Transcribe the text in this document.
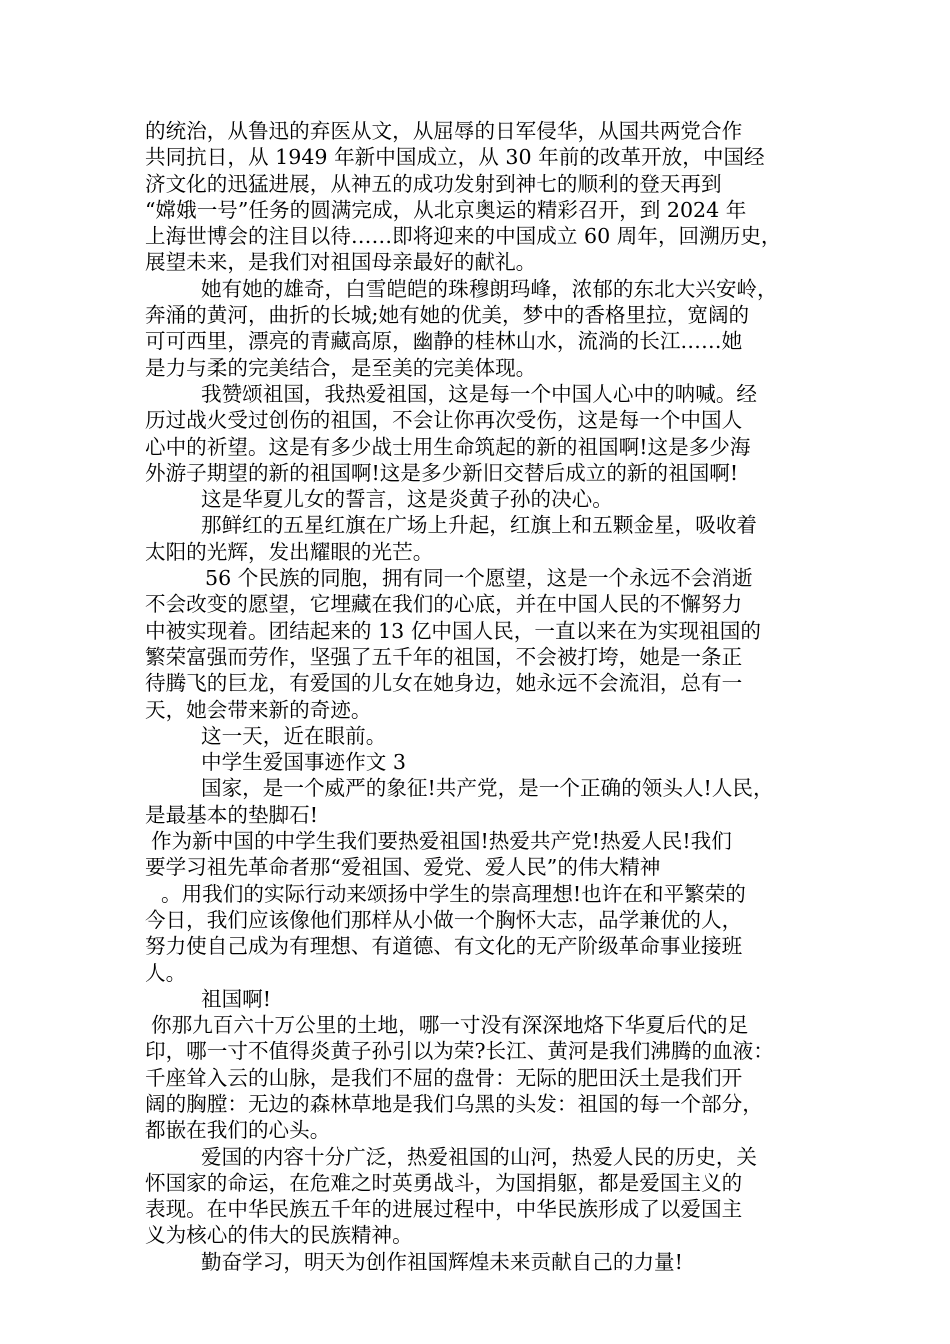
的统治，从鲁迅的弃医从文，从屈辱的日军侵华，从国共两党合作
共同抗日，从 1949 年新中国成立，从 30 年前的改革开放，中国经
济文化的迅猛进展，从神五的成功发射到神七的顺利的登天再到
“嫦娥一号”任务的圆满完成，从北京奥运的精彩召开，到 2024 年
上海世博会的注目以待……即将迎来的中国成立 60 周年，回溯历史，
展望未来，是我们对祖国母亲最好的献礼。
她有她的雄奇，白雪皑皑的珠穆朗玛峰，浓郁的东北大兴安岭，
奔涌的黄河，曲折的长城;她有她的优美，梦中的香格里拉，宽阔的
可可西里，漂亮的青藏高原，幽静的桂林山水，流淌的长江……她
是力与柔的完美结合，是至美的完美体现。
我赞颂祖国，我热爱祖国，这是每一个中国人心中的呐喊。经
历过战火受过创伤的祖国，不会让你再次受伤，这是每一个中国人
心中的祈望。这是有多少战士用生命筑起的新的祖国啊!这是多少海
外游子期望的新的祖国啊!这是多少新旧交替后成立的新的祖国啊!
这是华夏儿女的誓言，这是炎黄子孙的决心。
那鲜红的五星红旗在广场上升起，红旗上和五颗金星，吸收着
太阳的光辉，发出耀眼的光芒。
56 个民族的同胞，拥有同一个愿望，这是一个永远不会消逝
不会改变的愿望，它埋藏在我们的心底，并在中国人民的不懈努力
中被实现着。团结起来的 13 亿中国人民，一直以来在为实现祖国的
繁荣富强而劳作，坚强了五千年的祖国，不会被打垮，她是一条正
待腾飞的巨龙，有爱国的儿女在她身边，她永远不会流泪，总有一
天，她会带来新的奇迹。
这一天，近在眼前。
中学生爱国事迹作文 3
国家，是一个威严的象征!共产党，是一个正确的领头人!人民，
是最基本的垫脚石!
作为新中国的中学生我们要热爱祖国!热爱共产党!热爱人民!我们
要学习祖先革命者那“爱祖国、爱党、爱人民”的伟大精神
。用我们的实际行动来颂扬中学生的崇高理想!也许在和平繁荣的
今日，我们应该像他们那样从小做一个胸怀大志，品学兼优的人，
努力使自己成为有理想、有道德、有文化的无产阶级革命事业接班
人。
祖国啊!
你那九百六十万公里的土地，哪一寸没有深深地烙下华夏后代的足
印，哪一寸不值得炎黄子孙引以为荣?长江、黄河是我们沸腾的血液：
千座耸入云的山脉，是我们不屈的盘骨：无际的肥田沃土是我们开
阔的胸膛：无边的森林草地是我们乌黑的头发：祖国的每一个部分，
都嵌在我们的心头。
爱国的内容十分广泛，热爱祖国的山河，热爱人民的历史，关
怀国家的命运，在危难之时英勇战斗，为国捐躯，都是爱国主义的
表现。在中华民族五千年的进展过程中，中华民族形成了以爱国主
义为核心的伟大的民族精神。
勤奋学习，明天为创作祖国辉煌未来贡献自己的力量!
